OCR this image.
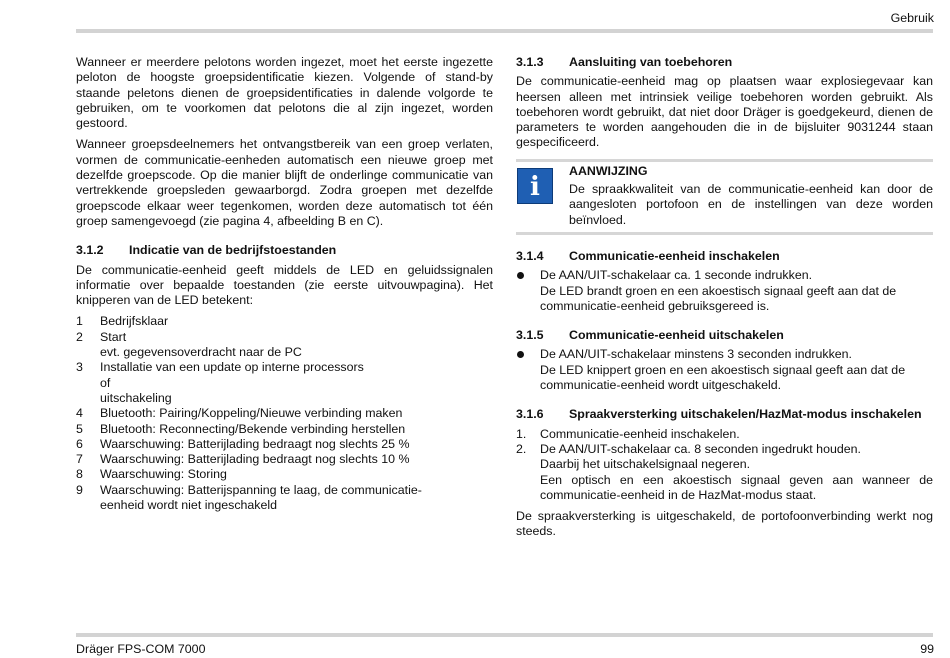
Gebruik

Wanneer er meerdere pelotons worden ingezet, moet het eerste ingezette peloton de hoogste groepsidentificatie kiezen. Volgende of stand-by staande peletons dienen de groepsidentificaties in dalende volgorde te gebruiken, om te voorkomen dat pelotons die al zijn ingezet, worden gestoord.

Wanneer groepsdeelnemers het ontvangstbereik van een groep verlaten, vormen de communicatie-eenheden automatisch een nieuwe groep met dezelfde groepscode. Op die manier blijft de onderlinge communicatie van vertrekkende groepsleden gewaarborgd. Zodra groepen met dezelfde groepscode elkaar weer tegenkomen, worden deze automatisch tot één groep samengevoegd (zie pagina 4, afbeelding B en C).

3.1.2	Indicatie van de bedrijfstoestanden

De communicatie-eenheid geeft middels de LED en geluidssignalen informatie over bepaalde toestanden (zie eerste uitvouwpagina). Het knipperen van de LED betekent:

1	Bedrijfsklaar
2	Start
evt. gegevensoverdracht naar de PC
3	Installatie van een update op interne processors
of
uitschakeling
4	Bluetooth: Pairing/Koppeling/Nieuwe verbinding maken
5	Bluetooth: Reconnecting/Bekende verbinding herstellen
6	Waarschuwing: Batterijlading bedraagt nog slechts 25 %
7	Waarschuwing: Batterijlading bedraagt nog slechts 10 %
8	Waarschuwing: Storing
9	Waarschuwing: Batterijspanning te laag, de communicatie-
eenheid wordt niet ingeschakeld
3.1.3	Aansluiting van toebehoren

De communicatie-eenheid mag op plaatsen waar explosiegevaar kan heersen alleen met intrinsiek veilige toebehoren worden gebruikt. Als toebehoren wordt gebruikt, dat niet door Dräger is goedgekeurd, dienen de parameters te worden aangehouden die in de bijsluiter 9031244 staan gespecificeerd.

i
AANWIJZING
De spraakkwaliteit van de communicatie-eenheid kan door de aangesloten portofoon en de instellingen van deze worden beïnvloed.
3.1.4	Communicatie-eenheid inschakelen
De AAN/UIT-schakelaar ca. 1 seconde indrukken.
De LED brandt groen en een akoestisch signaal geeft aan dat de communicatie-eenheid gebruiksgereed is.
3.1.5	Communicatie-eenheid uitschakelen
De AAN/UIT-schakelaar minstens 3 seconden indrukken.
De LED knippert groen en een akoestisch signaal geeft aan dat de communicatie-eenheid wordt uitgeschakeld.
3.1.6	Spraakversterking uitschakelen/HazMat-modus inschakelen
1.	Communicatie-eenheid inschakelen.
2.	De AAN/UIT-schakelaar ca. 8 seconden ingedrukt houden.
Daarbij het uitschakelsignaal negeren.
Een optisch en een akoestisch signaal geven aan wanneer de communicatie-eenheid in de HazMat-modus staat.

De spraakversterking is uitgeschakeld, de portofoonverbinding werkt nog steeds.

Dräger FPS-COM 7000	99
